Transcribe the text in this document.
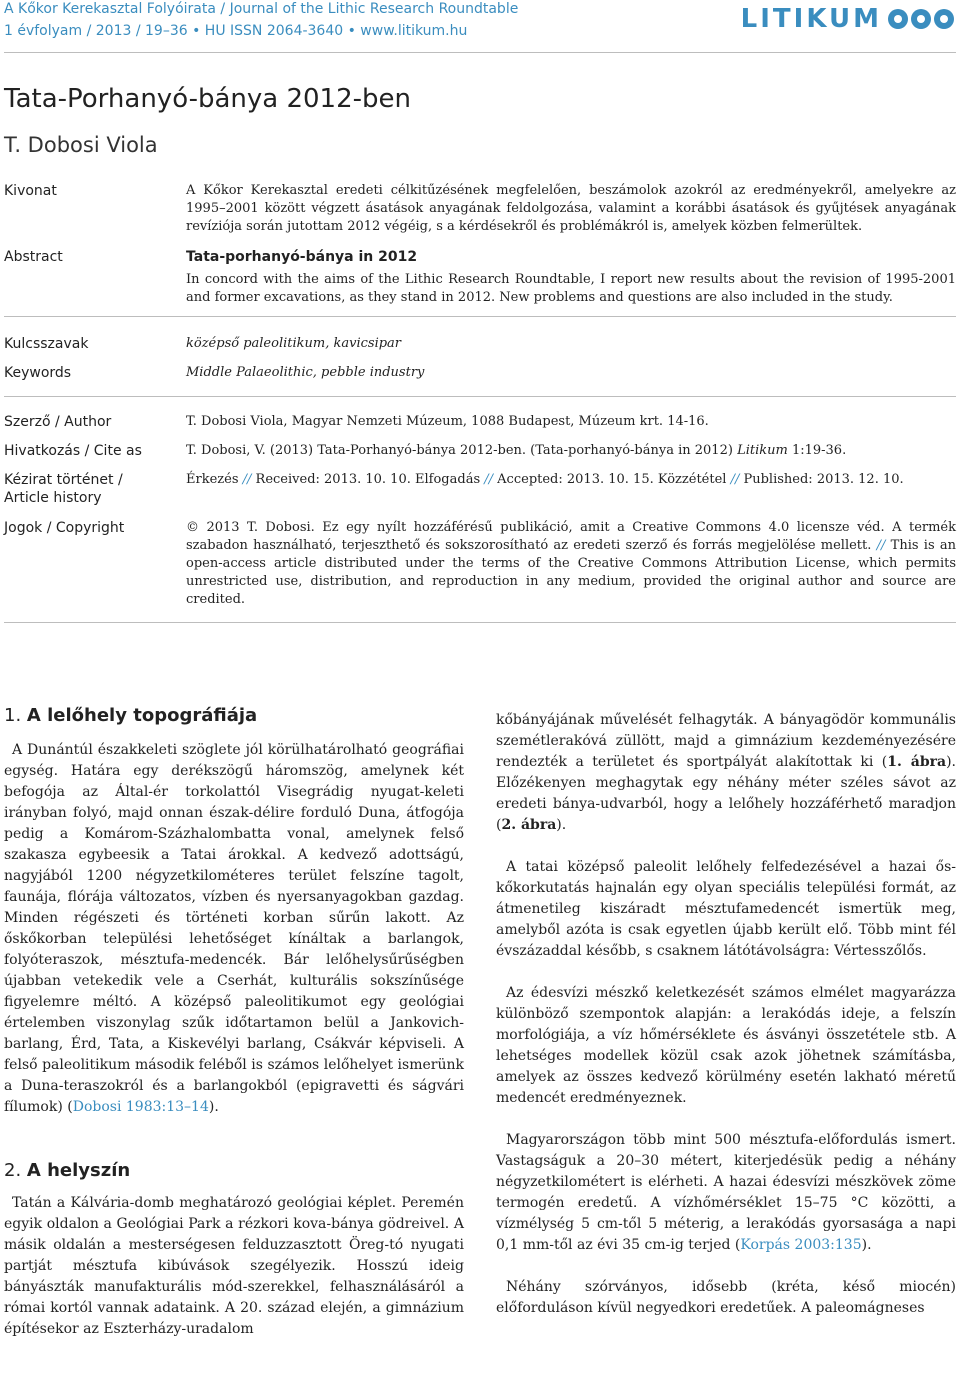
A Kőkor Kerekasztal Folyóirata / Journal of the Lithic Research Roundtable
1 évfolyam / 2013 / 19–36 • HU ISSN 2064-3640 • www.litikum.hu	LITIKUM
Tata-Porhanyó-bánya 2012-ben
T. Dobosi Viola
Kivonat	A Kőkor Kerekasztal eredeti célkitűzésének megfelelően, beszámolok azokról az eredményekről, amelyekre az 1995–2001 között végzett ásatások anyagának feldolgozása, valamint a korábbi ásatások és gyűjtések anyagának revíziója során jutottam 2012 végéig, s a kérdésekről és problémákról is, amelyek közben felmerültek.
Abstract	Tata-porhanyó-bánya in 2012
In concord with the aims of the Lithic Research Roundtable, I report new results about the revision of 1995-2001 and former excavations, as they stand in 2012. New problems and questions are also included in the study.
Kulcsszavak	középső paleolitikum, kavicsipar
Keywords	Middle Palaeolithic, pebble industry
Szerző / Author	T. Dobosi Viola, Magyar Nemzeti Múzeum, 1088 Budapest, Múzeum krt. 14-16.
Hivatkozás / Cite as	T. Dobosi, V. (2013) Tata-Porhanyó-bánya 2012-ben. (Tata-porhanyó-bánya in 2012) Litikum 1:19-36.
Kézirat történet /
Article history
Érkezés // Received: 2013. 10. 10. Elfogadás // Accepted: 2013. 10. 15. Közzététel // Published: 2013. 12. 10.
Jogok / Copyright	© 2013 T. Dobosi. Ez egy nyílt hozzáférésű publikáció, amit a Creative Commons 4.0 licensze véd. A termék szabadon használható, terjeszthető és sokszorosítható az eredeti szerző és forrás megjelölése mellett. // This is an open-access article distributed under the terms of the Creative Commons Attribution License, which permits unrestricted use, distribution, and reproduction in any medium, provided the original author and source are credited.
1. A lelőhely topográfiája

A Dunántúl északkeleti szöglete jól körülhatárolható geográfiai egység. Határa egy derékszögű háromszög, amelynek két befogója az Által-ér torkolattól Visegrádig nyugat-keleti irányban folyó, majd onnan észak-délire forduló Duna, átfogója pedig a Komárom-Százhalombatta vonal, amelynek felső szakasza egybeesik a Tatai árokkal. A kedvező adottságú, nagyjából 1200 négyzetkilométeres terület felszíne tagolt, faunája, flórája változatos, vízben és nyersanyagokban gazdag. Minden régészeti és történeti korban sűrűn lakott. Az őskőkorban települési lehetőséget kínáltak a barlangok, folyóteraszok, mésztufa-medencék. Bár lelőhelysűrűségben újabban vetekedik vele a Cserhát, kulturális sokszínűsége figyelemre méltó. A középső paleolitikumot egy geológiai értelemben viszonylag szűk időtartamon belül a Jankovich-barlang, Érd, Tata, a Kiskevélyi barlang, Csákvár képviseli. A felső paleolitikum második feléből is számos lelőhelyet ismerünk a Duna-teraszokról és a barlangokból (epigravetti és ságvári fílumok) (Dobosi 1983:13–14).

2. A helyszín

Tatán a Kálvária-domb meghatározó geológiai képlet. Peremén egyik oldalon a Geológiai Park a rézkori kova-bánya gödreivel. A másik oldalán a mesterségesen felduzzasztott Öreg-tó nyugati partját mésztufa kibúvások szegélyezik. Hosszú ideig bányászták manufakturális mód-szerekkel, felhasználásáról a római kortól vannak adataink. A 20. század elején, a gimnázium építésekor az Eszterházy-uradalom

kőbányájának művelését felhagyták. A bányagödör kommunális szemétlerakóvá züllött, majd a gimnázium kezdeményezésére rendezték a területet és sportpályát alakítottak ki (1. ábra). Előzékenyen meghagytak egy néhány méter széles sávot az eredeti bánya-udvarból, hogy a lelőhely hozzáférhető maradjon (2. ábra).

A tatai középső paleolit lelőhely felfedezésével a hazai ős-kőkorkutatás hajnalán egy olyan speciális települési formát, az átmenetileg kiszáradt mésztufamedencét ismertük meg, amelyből azóta is csak egyetlen újabb került elő. Több mint fél évszázaddal később, s csaknem látótávolságra: Vértesszőlős.

Az édesvízi mészkő keletkezését számos elmélet magyarázza különböző szempontok alapján: a lerakódás ideje, a felszín morfológiája, a víz hőmérséklete és ásványi összetétele stb. A lehetséges modellek közül csak azok jöhetnek számításba, amelyek az összes kedvező körülmény esetén lakható méretű medencét eredményeznek.

Magyarországon több mint 500 mésztufa-előfordulás ismert. Vastagságuk a 20–30 métert, kiterjedésük pedig a néhány négyzetkilométert is elérheti. A hazai édesvízi mészkövek zöme termogén eredetű. A vízhőmérséklet 15–75 °C közötti, a vízmélység 5 cm-től 5 méterig, a lerakódás gyorsasága a napi 0,1 mm-től az évi 35 cm-ig terjed (Korpás 2003:135).

Néhány szórványos, idősebb (kréta, késő miocén) előforduláson kívül negyedkori eredetűek. A paleomágneses
